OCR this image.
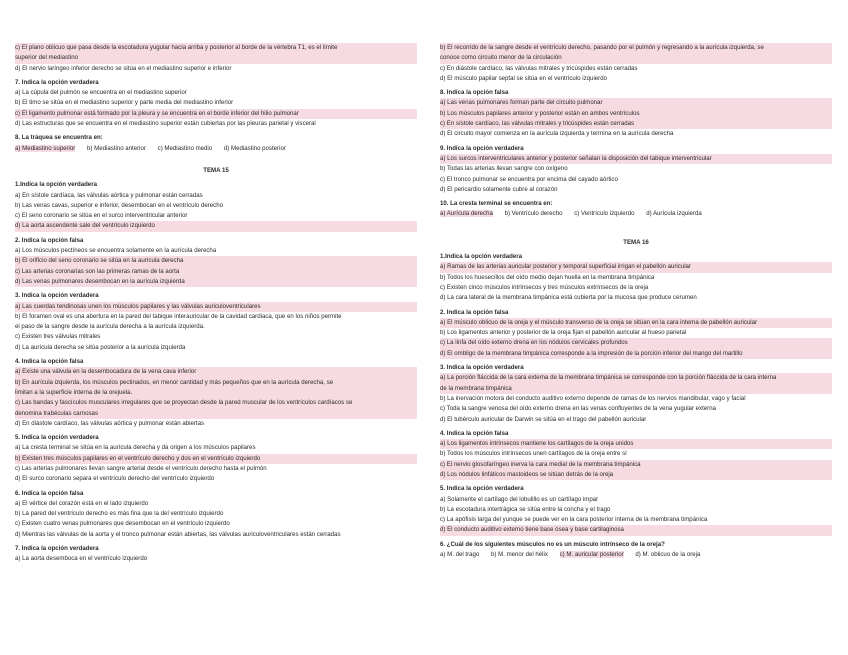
c) El plano oblicuo que pasa desde la escotadura yugular hacia arriba y posterior al borde de la vértebra T1, es el límite
superior del mediastino
d) El nervio laríngeo inferior derecho se sitúa en el mediastino superior e inferior
7. Indica la opción verdadera
a) La cúpula del pulmón se encuentra en el mediastino superior
b) El timo se sitúa en el mediastino superior y parte media del mediastino inferior
c) El ligamento pulmonar está formado por la pleura y se encuentra en el borde inferior del hilio pulmonar
d) Las estructuras que se encuentra en el mediastino superior están cubiertas por las pleuras parietal y visceral
8. La tráquea se encuentra en:
a) Mediastino superior b) Mediastino anterior c) Mediastino medio d) Mediastino posterior
TEMA 15
1.Indica la opción verdadera
a) En sístole cardíaca, las válvulas aórtica y pulmonar están cerradas
b) Las venas cavas, superior e inferior, desembocan en el ventrículo derecho
c) El seno coronario se sitúa en el surco interventricular anterior
d) La aorta ascendente sale del ventrículo izquierdo
2. Indica la opción falsa
a) Los músculos pectíneos se encuentra solamente en la aurícula derecha
b) El orificio del seno coronario se sitúa en la aurícula derecha
c) Las arterias coronarias son las primeras ramas de la aorta
d) Las venas pulmonares desembocan en la aurícula izquierda
3. Indica la opción verdadera
a) Las cuerdas tendinosas unen los músculos papilares y las válvulas auriculoventriculares
b) El foramen oval es una abertura en la pared del tabique interauricular de la cavidad cardiaca, que en los niños permite
el paso de la sangre desde la aurícula derecha a la aurícula izquierda.
c) Existen tres válvulas mitrales
d) La aurícula derecha se sitúa posterior a la aurícula izquierda
4. Indica la opción falsa
a) Existe una válvula en la desembocadura de la vena cava inferior
b) En aurícula izquierda, los músculos pectinados, en menor cantidad y más pequeños que en la aurícula derecha, se
limitan a la superficie interna de la orejuela.
c) Las bandas y fascículos musculares irregulares que se proyectan desde la pared muscular de los ventrículos cardíacos se
denomina trabéculas carnosas
d) En diástole cardíaco, las válvulas aórtica y pulmonar están abiertas
5. Indica la opción verdadera
a) La cresta terminal se sitúa en la aurícula derecha y da origen a los músculos papilares
b) Existen tres músculos papilares en el ventrículo derecho y dos en el ventrículo izquierdo
c) Las arterias pulmonares llevan sangre arterial desde el ventrículo derecho hasta el pulmón
d) El surco coronario separa el ventrículo derecho del ventrículo izquierdo
6. Indica la opción falsa
a) El vértice del corazón está en el lado izquierdo
b) La pared del ventrículo derecho es más fina que la del ventrículo izquierdo
c) Existen cuatro venas pulmonares que desembocan en el ventrículo izquierdo
d) Mientras las válvulas de la aorta y el tronco pulmonar están abiertas, las válvulas auriculoventriculares están cerradas
7. Indica la opción verdadera
a) La aorta desemboca en el ventrículo izquierdo
b) El recorrido de la sangre desde el ventrículo derecho, pasando por el pulmón y regresando a la aurícula izquierda, se
conoce como circuito menor de la circulación
c) En diástole cardíaco, las válvulas mitrales y tricúspides están cerradas
d) El músculo papilar septal se sitúa en el ventrículo izquierdo
8. Indica la opción falsa
a) Las venas pulmonares forman parte del circuito pulmonar
b) Los músculos papilares anterior y posterior están en ambos ventrículos
c) En sístole cardíaco, las válvulas mitrales y tricúspides están cerradas
d) El circuito mayor comienza en la aurícula izquierda y termina en la aurícula derecha
9. Indica la opción verdadera
a) Los surcos interventriculares anterior y posterior señalan la disposición del tabique interventricular
b) Todas las arterias llevan sangre con oxígeno
c) El tronco pulmonar se encuentra por encima del cayado aórtico
d) El pericardio solamente cubre al corazón
10. La cresta terminal se encuentra en:
a) Aurícula derecha b) Ventrículo derecho c) Ventrículo izquierdo d) Aurícula izquierda
TEMA 16
1.Indica la opción verdadera
a) Ramas de las arterias auricular posterior y temporal superficial irrigan el pabellón auricular
b) Todos los huesecillos del oído medio dejan huella en la membrana timpánica
c) Existen cinco músculos intrínsecos y tres músculos extrínsecos de la oreja
d) La cara lateral de la membrana timpánica está cubierta por la mucosa que produce cerumen
2. Indica la opción falsa
a) El músculo oblicuo de la oreja y el músculo transverso de la oreja se sitúan en la cara interna de pabellón auricular
b) Los ligamentos anterior y posterior de la oreja fijan el pabellón auricular al hueso parietal
c) La linfa del oído externo drena en los nódulos cervicales profundos
d) El ombligo de la membrana timpánica corresponde a la impresión de la porción inferior del mango del martillo
3. Indica la opción verdadera
a) La porción fláccida de la cara externa de la membrana timpánica se corresponde con la porción fláccida de la cara interna
de la membrana timpánica
b) La inervación motora del conducto auditivo externo depende de ramas de los nervios mandibular, vago y facial
c) Toda la sangre venosa del oído externo drena en las venas confluyentes de la vena yugular externa
d) El tubérculo auricular de Darwin se sitúa en el trago del pabellón auricular
4. Indica la opción falsa
a) Los ligamentos intrínsecos mantiene los cartílagos de la oreja unidos
b) Todos los músculos intrínsecos unen cartílagos de la oreja entre sí
c) El nervio glosofaríngeo inerva la cara medial de la membrana timpánica
d) Los nódulos linfáticos mastoideos se sitúan detrás de la oreja
5. Indica la opción verdadera
a) Solamente el cartílago del lobulillo es un cartílago impar
b) La escotadura intertrágica se sitúa entre la concha y el trago
c) La apófisis larga del yunque se puede ver en la cara posterior interna de la membrana timpánica
d) El conducto auditivo externo tiene base ósea y base cartilaginosa
6. ¿Cuál de los siguientes músculos no es un músculo intrínseco de la oreja?
a) M. del trago b) M. menor del hélix c) M. auricular posterior d) M. oblicuo de la oreja
